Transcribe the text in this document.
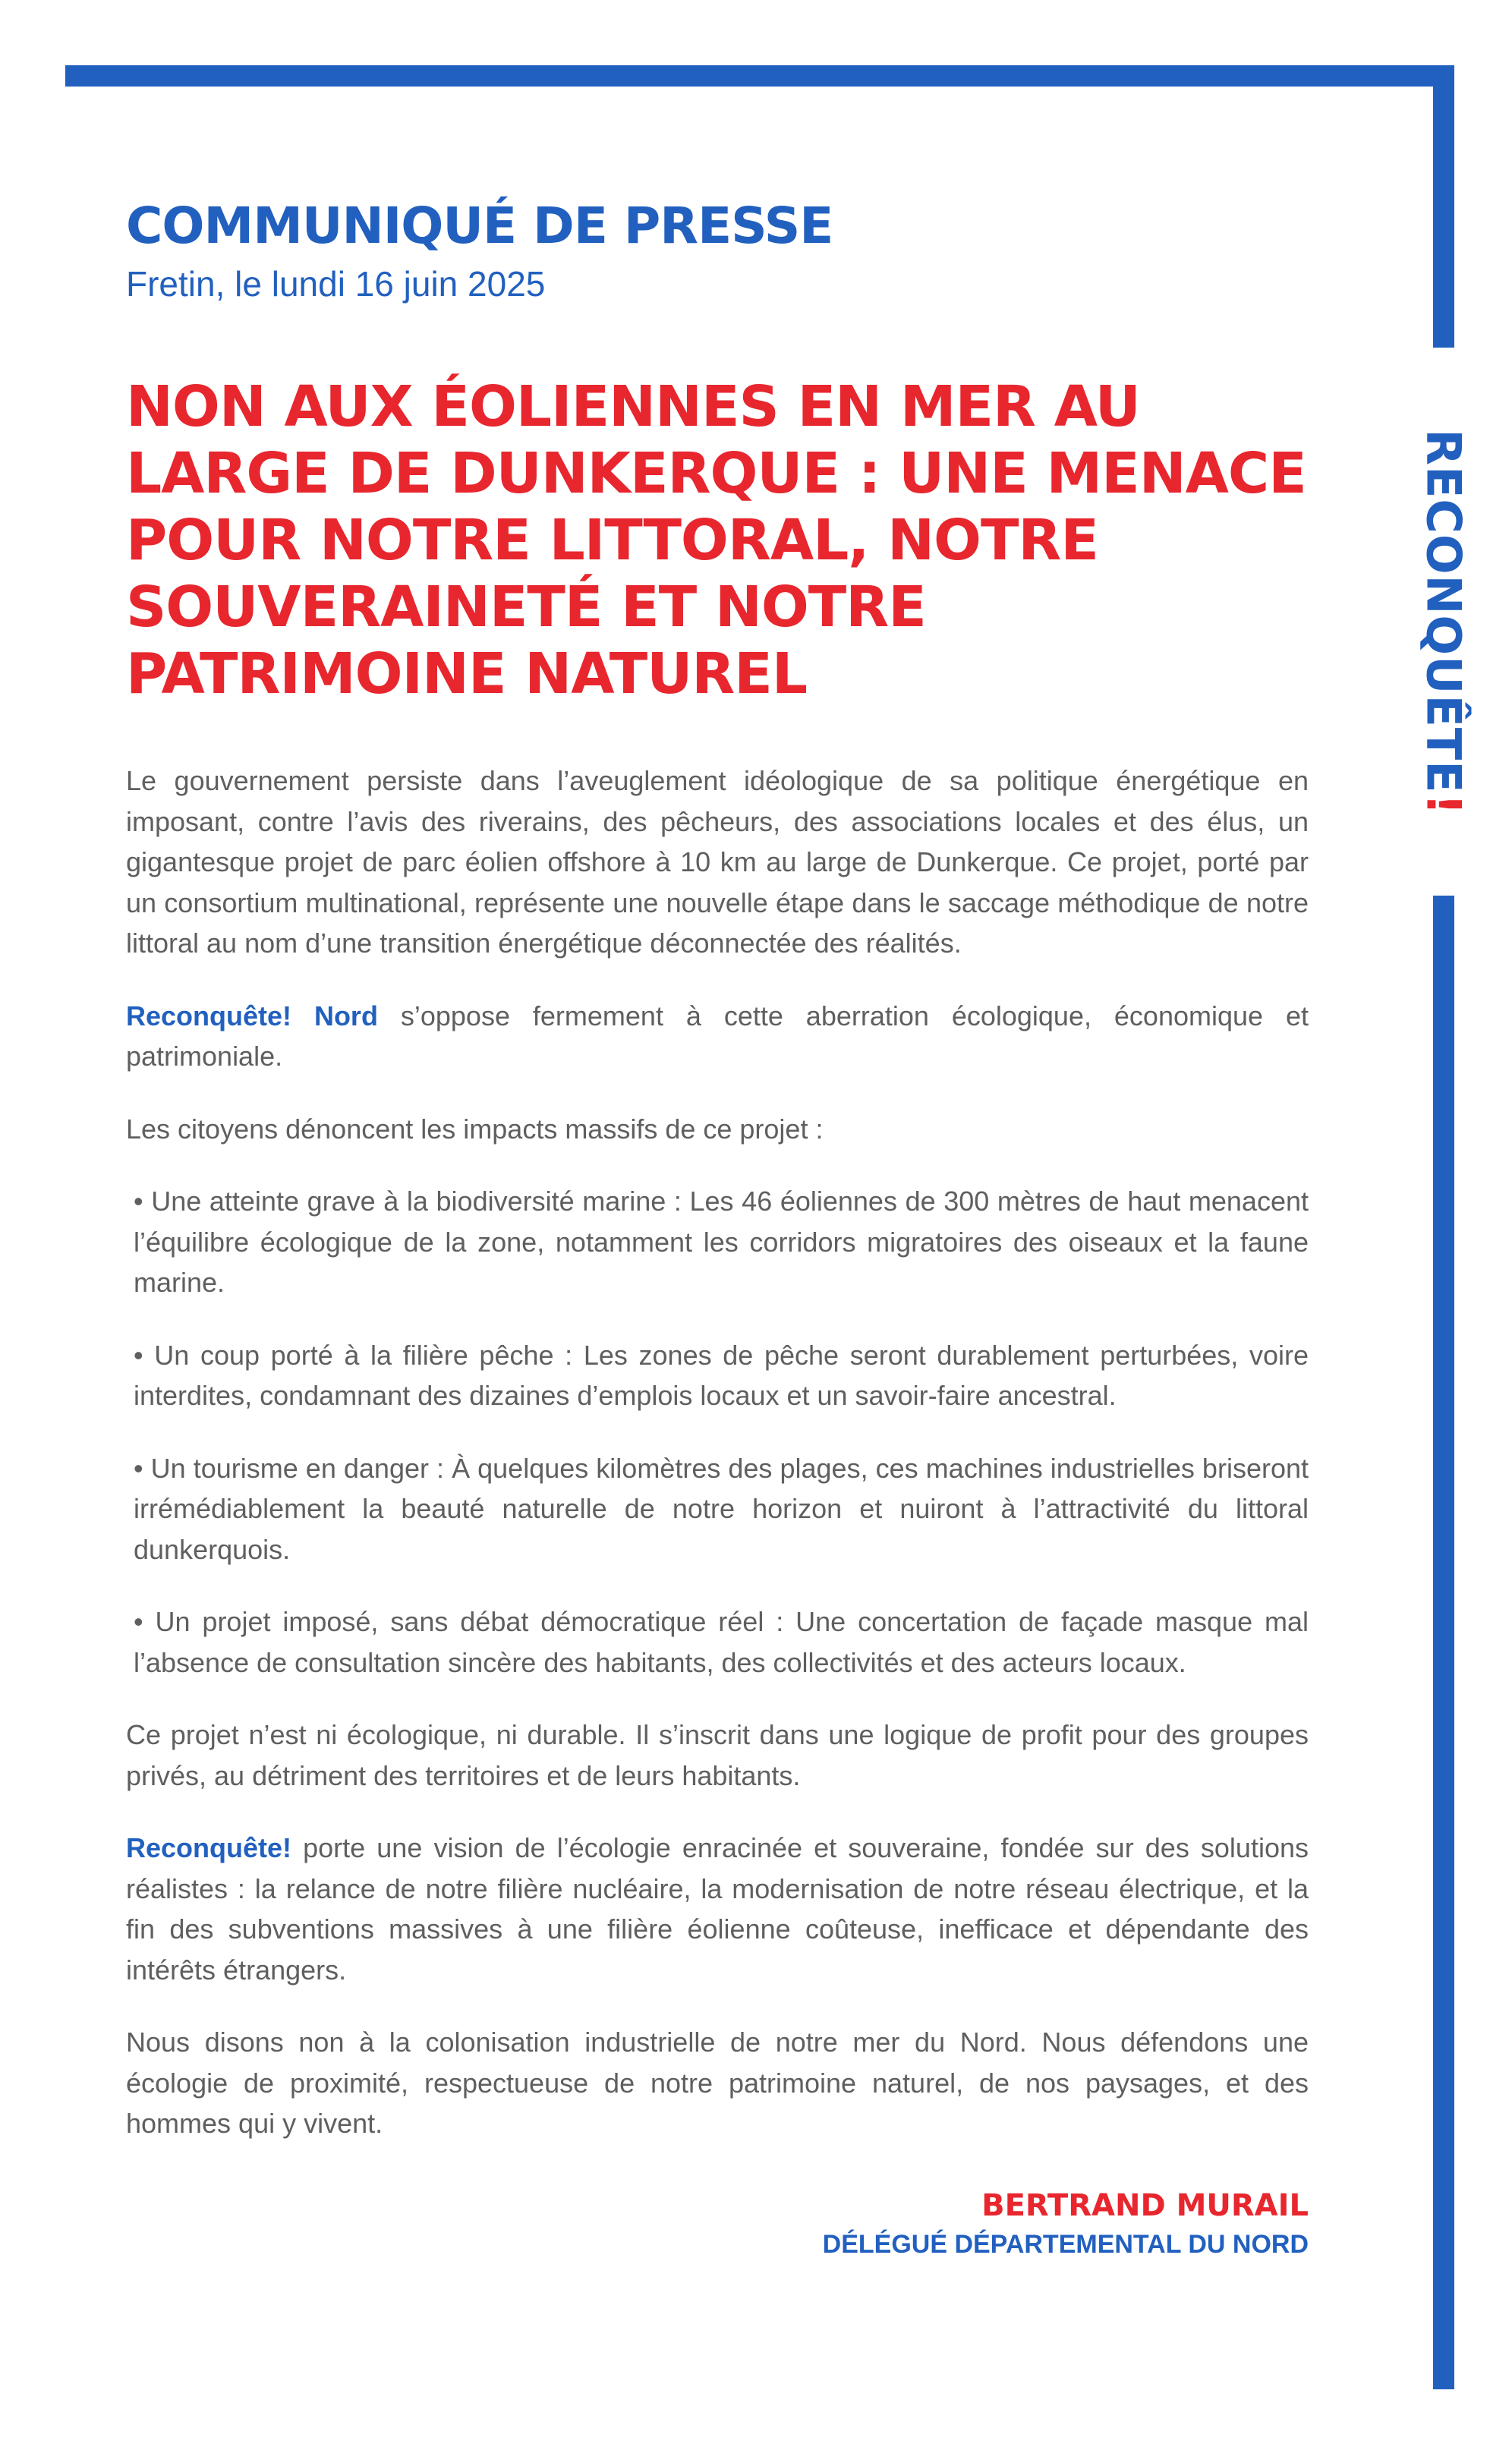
RECONQUÊTE!
COMMUNIQUÉ DE PRESSE
Fretin, le lundi 16 juin 2025
NON AUX ÉOLIENNES EN MER AU LARGE DE DUNKERQUE : UNE MENACE POUR NOTRE LITTORAL, NOTRE SOUVERAINETÉ ET NOTRE PATRIMOINE NATUREL

Le gouvernement persiste dans l’aveuglement idéologique de sa politique énergétique en imposant, contre l’avis des riverains, des pêcheurs, des associations locales et des élus, un gigantesque projet de parc éolien offshore à 10 km au large de Dunkerque. Ce projet, porté par un consortium multinational, représente une nouvelle étape dans le saccage méthodique de notre littoral au nom d’une transition énergétique déconnectée des réalités.

Reconquête! Nord s’oppose fermement à cette aberration écologique, économique et patrimoniale.

Les citoyens dénoncent les impacts massifs de ce projet :

• Une atteinte grave à la biodiversité marine : Les 46 éoliennes de 300 mètres de haut menacent l’équilibre écologique de la zone, notamment les corridors migratoires des oiseaux et la faune marine.

• Un coup porté à la filière pêche : Les zones de pêche seront durablement perturbées, voire interdites, condamnant des dizaines d’emplois locaux et un savoir-faire ancestral.

• Un tourisme en danger : À quelques kilomètres des plages, ces machines industrielles briseront irrémédiablement la beauté naturelle de notre horizon et nuiront à l’attractivité du littoral dunkerquois.

• Un projet imposé, sans débat démocratique réel : Une concertation de façade masque mal l’absence de consultation sincère des habitants, des collectivités et des acteurs locaux.

Ce projet n’est ni écologique, ni durable. Il s’inscrit dans une logique de profit pour des groupes privés, au détriment des territoires et de leurs habitants.

Reconquête! porte une vision de l’écologie enracinée et souveraine, fondée sur des solutions réalistes : la relance de notre filière nucléaire, la modernisation de notre réseau électrique, et la fin des subventions massives à une filière éolienne coûteuse, inefficace et dépendante des intérêts étrangers.

Nous disons non à la colonisation industrielle de notre mer du Nord. Nous défendons une écologie de proximité, respectueuse de notre patrimoine naturel, de nos paysages, et des hommes qui y vivent.

BERTRAND MURAIL
DÉLÉGUÉ DÉPARTEMENTAL DU NORD
